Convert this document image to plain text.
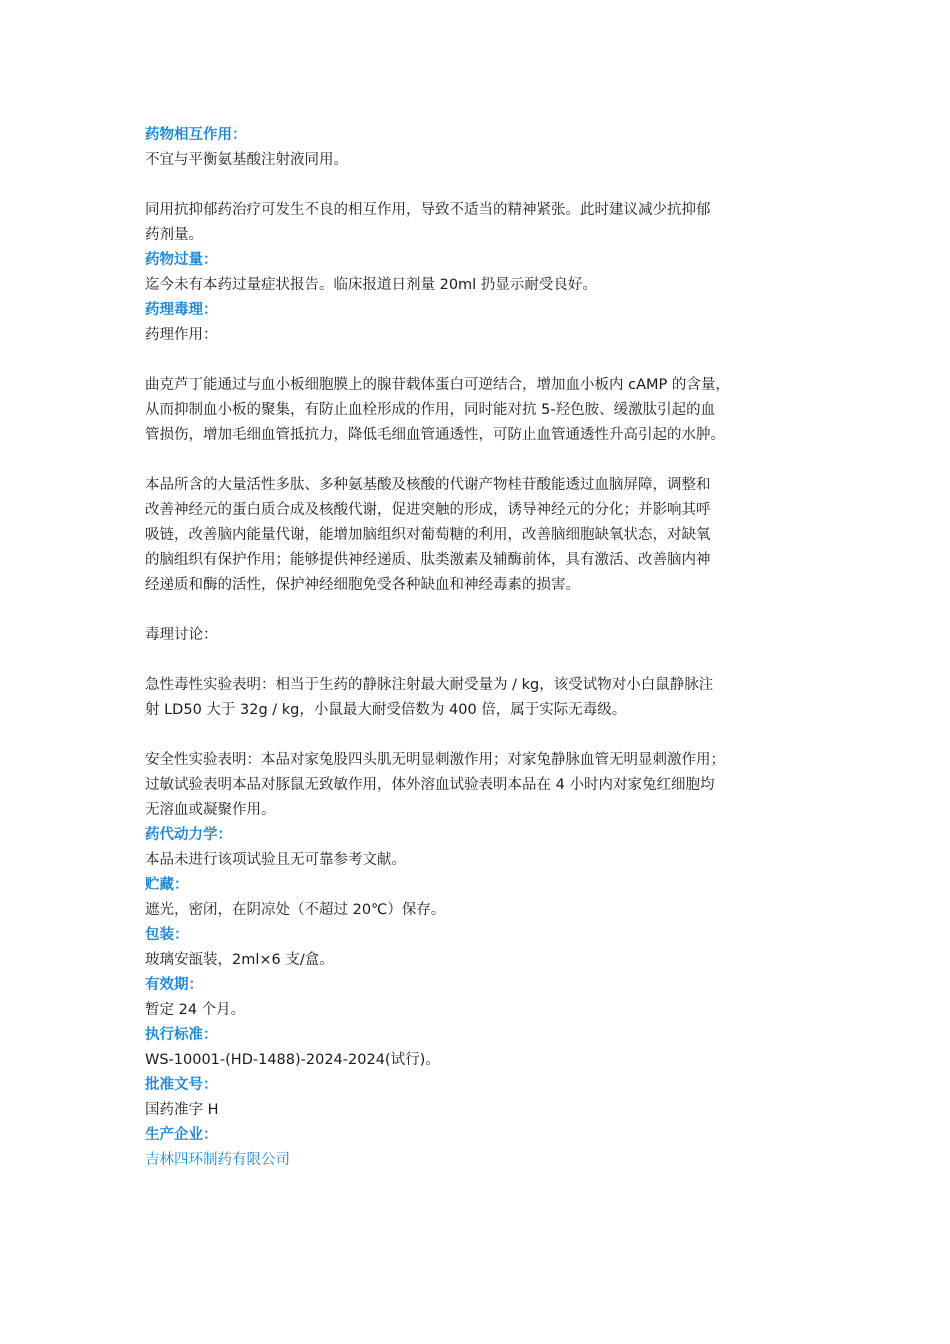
药物相互作用：

不宜与平衡氨基酸注射液同用。

同用抗抑郁药治疗可发生不良的相互作用，导致不适当的精神紧张。此时建议减少抗抑郁

药剂量。

药物过量：

迄今未有本药过量症状报告。临床报道日剂量 20ml 扔显示耐受良好。

药理毒理：

药理作用：

曲克芦丁能通过与血小板细胞膜上的腺苷载体蛋白可逆结合，增加血小板内 cAMP 的含量，

从而抑制血小板的聚集，有防止血栓形成的作用，同时能对抗 5-羟色胺、缓激肽引起的血

管损伤，增加毛细血管抵抗力，降低毛细血管通透性，可防止血管通透性升高引起的水肿。

本品所含的大量活性多肽、多种氨基酸及核酸的代谢产物桂苷酸能透过血脑屏障，调整和

改善神经元的蛋白质合成及核酸代谢，促进突触的形成，诱导神经元的分化；并影响其呼

吸链，改善脑内能量代谢，能增加脑组织对葡萄糖的利用，改善脑细胞缺氧状态，对缺氧

的脑组织有保护作用；能够提供神经递质、肽类激素及辅酶前体，具有激活、改善脑内神

经递质和酶的活性，保护神经细胞免受各种缺血和神经毒素的损害。

毒理讨论：

急性毒性实验表明：相当于生药的静脉注射最大耐受量为 / kg，该受试物对小白鼠静脉注

射 LD50 大于 32g / kg，小鼠最大耐受倍数为 400 倍，属于实际无毒级。

安全性实验表明：本品对家兔股四头肌无明显刺激作用；对家兔静脉血管无明显刺激作用；

过敏试验表明本品对豚鼠无致敏作用，体外溶血试验表明本品在 4 小时内对家兔红细胞均

无溶血或凝聚作用。

药代动力学：

本品未进行该项试验且无可靠参考文献。

贮藏：

遮光，密闭，在阴凉处（不超过 20℃）保存。

包装：

玻璃安瓿装，2ml×6 支/盒。

有效期：

暂定 24 个月。

执行标准：

WS-10001-(HD-1488)-2024-2024(试行)。

批准文号：

国药准字 H

生产企业：

吉林四环制药有限公司
